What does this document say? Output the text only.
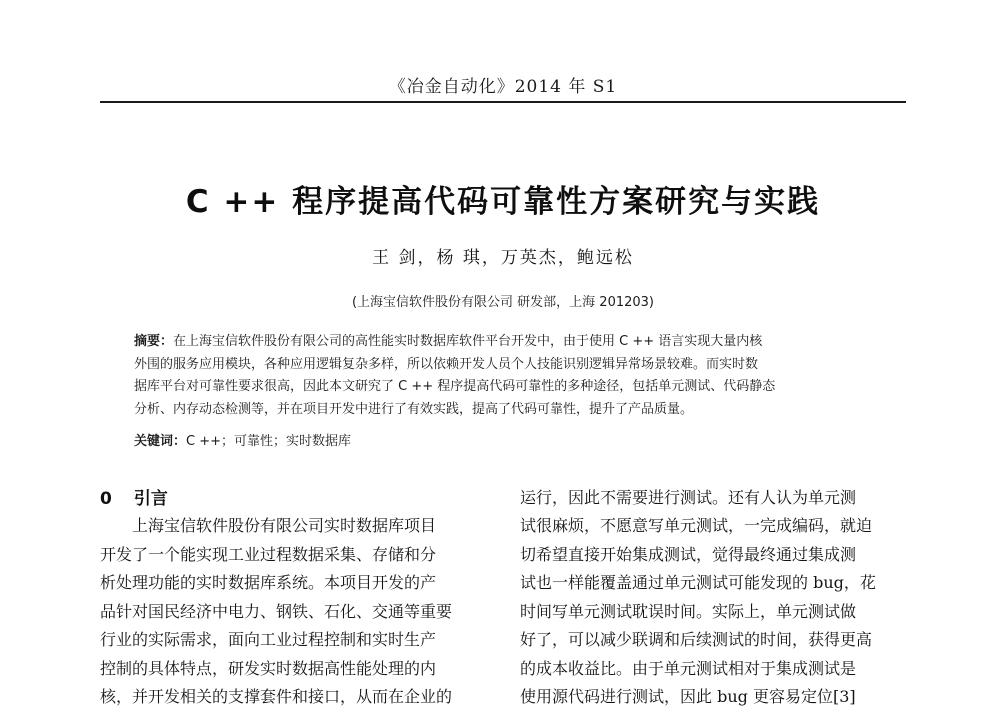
《冶金自动化》2014 年 S1
C ++ 程序提高代码可靠性方案研究与实践
王 剑，杨 琪，万英杰，鲍远松
(上海宝信软件股份有限公司 研发部，上海 201203)
摘要：在上海宝信软件股份有限公司的高性能实时数据库软件平台开发中，由于使用 C ++ 语言实现大量内核
外围的服务应用模块，各种应用逻辑复杂多样，所以依赖开发人员个人技能识别逻辑异常场景较难。而实时数
据库平台对可靠性要求很高，因此本文研究了 C ++ 程序提高代码可靠性的多种途径，包括单元测试、代码静态
分析、内存动态检测等，并在项目开发中进行了有效实践，提高了代码可靠性，提升了产品质量。
关键词：C ++；可靠性；实时数据库
0 引言
上海宝信软件股份有限公司实时数据库项目
开发了一个能实现工业过程数据采集、存储和分
析处理功能的实时数据库系统。本项目开发的产
品针对国民经济中电力、钢铁、石化、交通等重要
行业的实际需求，面向工业过程控制和实时生产
控制的具体特点，研发实时数据高性能处理的内
核，并开发相关的支撑套件和接口，从而在企业的
运行，因此不需要进行测试。还有人认为单元测
试很麻烦，不愿意写单元测试，一完成编码，就迫
切希望直接开始集成测试，觉得最终通过集成测
试也一样能覆盖通过单元测试可能发现的 bug，花
时间写单元测试耽误时间。实际上，单元测试做
好了，可以减少联调和后续测试的时间，获得更高
的成本收益比。由于单元测试相对于集成测试是
使用源代码进行测试，因此 bug 更容易定位[3]
